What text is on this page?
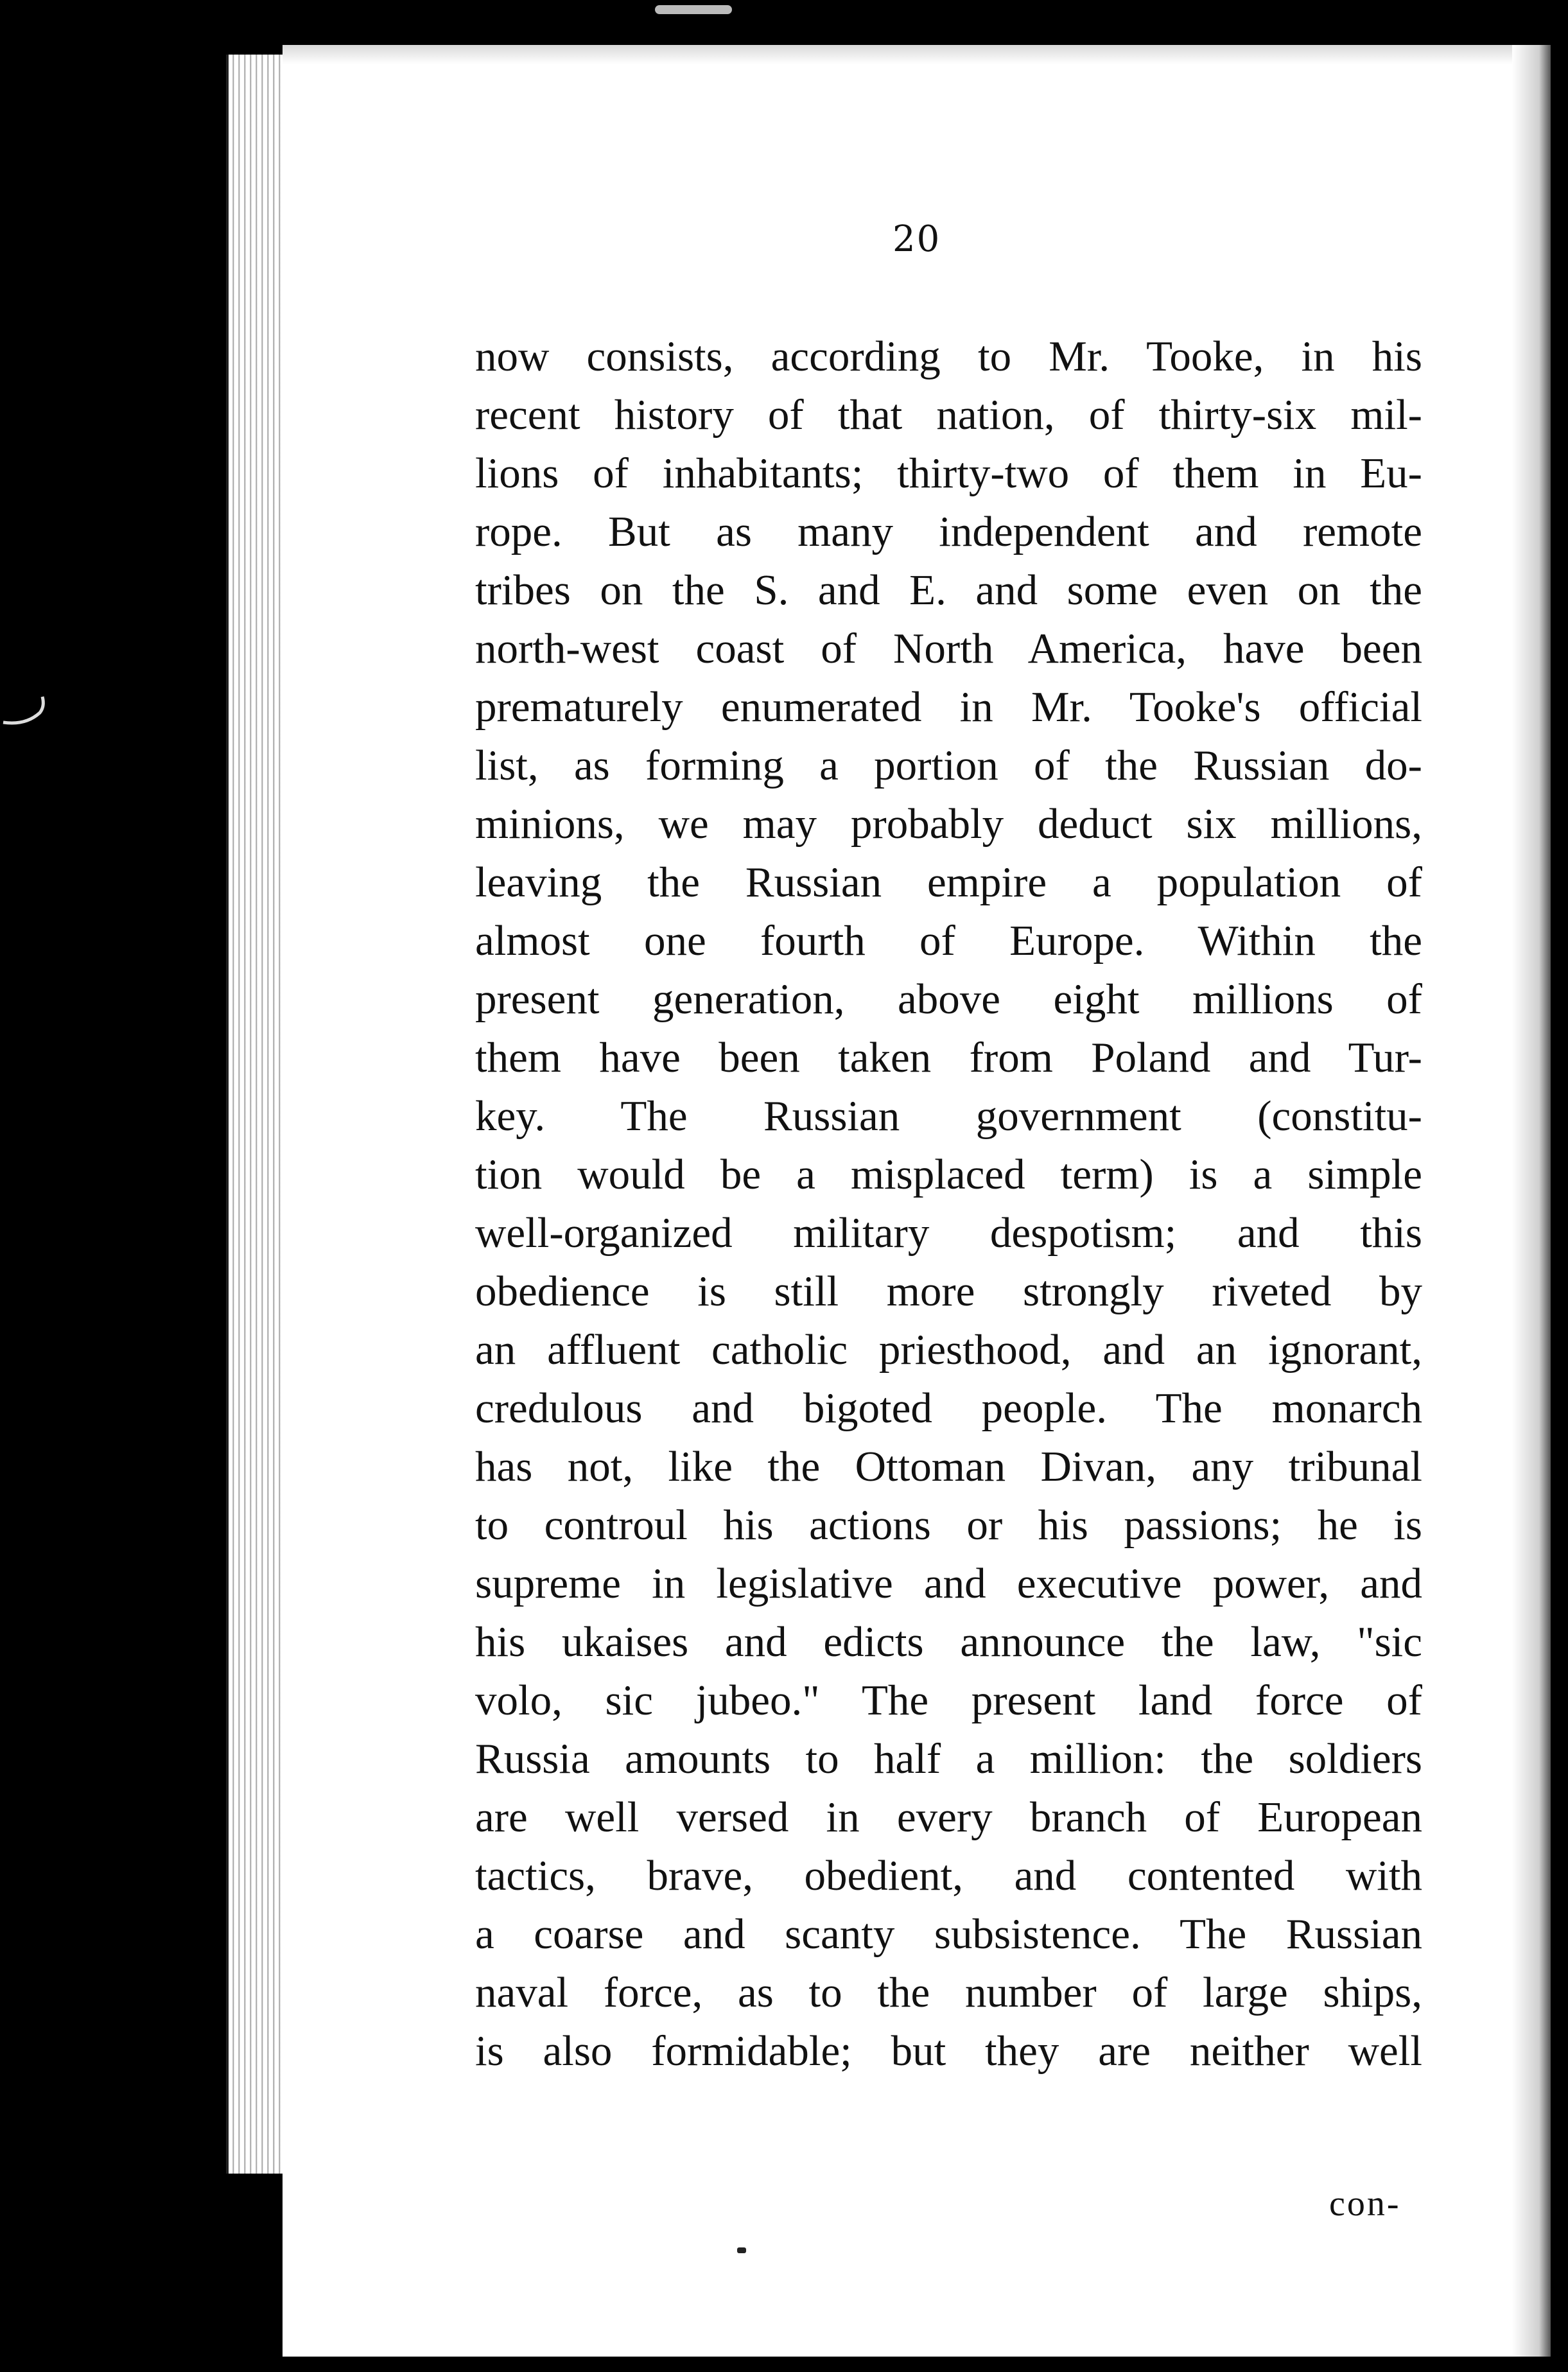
20
now consists, according to Mr. Tooke, in his
recent history of that nation, of thirty-six mil-
lions of inhabitants; thirty-two of them in Eu-
rope. But as many independent and remote
tribes on the S. and E. and some even on the
north-west coast of North America, have been
prematurely enumerated in Mr. Tooke's official
list, as forming a portion of the Russian do-
minions, we may probably deduct six millions,
leaving the Russian empire a population of
almost one fourth of Europe. Within the
present generation, above eight millions of
them have been taken from Poland and Tur-
key. The Russian government (constitu-
tion would be a misplaced term) is a simple
well-organized military despotism; and this
obedience is still more strongly riveted by
an affluent catholic priesthood, and an ignorant,
credulous and bigoted people. The monarch
has not, like the Ottoman Divan, any tribunal
to controul his actions or his passions; he is
supreme in legislative and executive power, and
his ukaises and edicts announce the law, "sic
volo, sic jubeo." The present land force of
Russia amounts to half a million: the soldiers
are well versed in every branch of European
tactics, brave, obedient, and contented with
a coarse and scanty subsistence. The Russian
naval force, as to the number of large ships,
is also formidable; but they are neither well
con-
